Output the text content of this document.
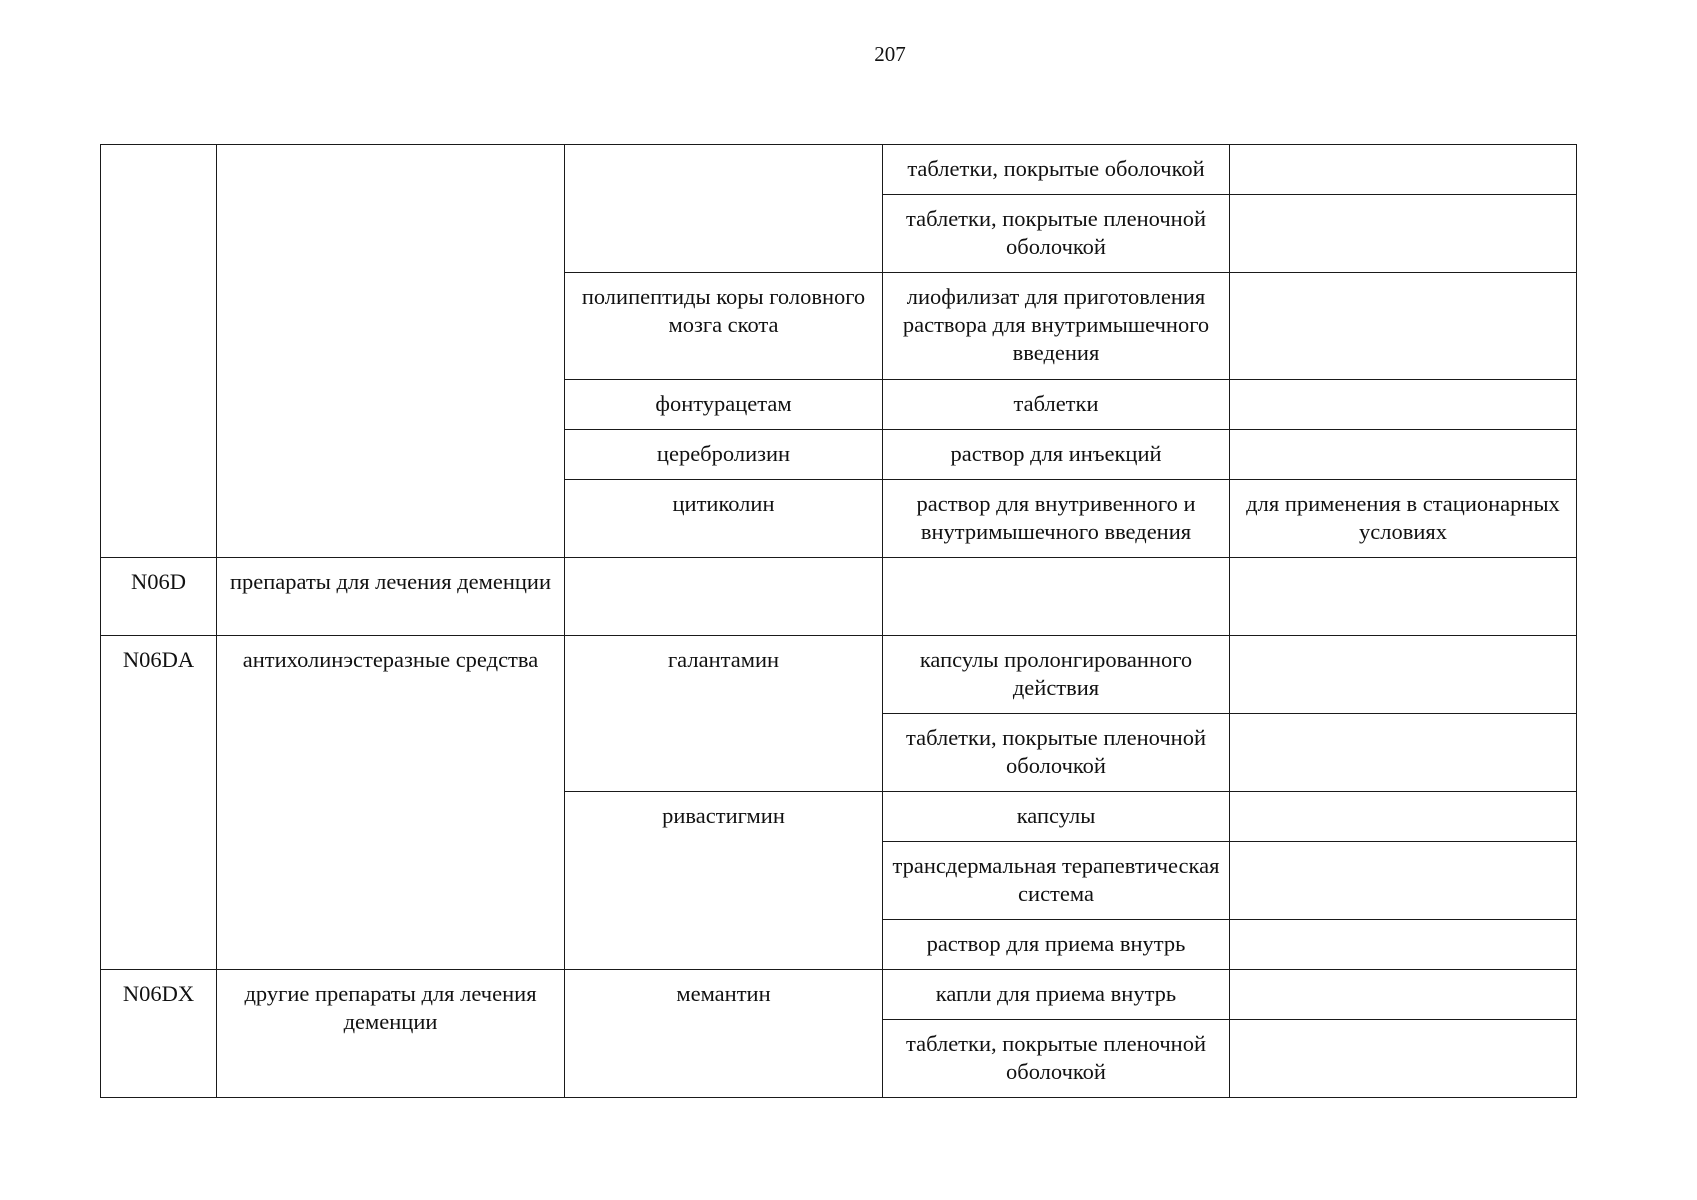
207
			таблетки, покрытые оболочкой	
			таблетки, покрытые пленочной оболочкой	
		полипептиды коры головного мозга скота	лиофилизат для приготовления раствора для внутримышечного введения	
		фонтурацетам	таблетки	
		церебролизин	раствор для инъекций	
		цитиколин	раствор для внутривенного и внутримышечного введения	для применения в стационарных условиях
N06D	препараты для лечения деменции			
N06DA	антихолинэстеразные средства	галантамин	капсулы пролонгированного действия	
			таблетки, покрытые пленочной оболочкой	
		ривастигмин	капсулы	
			трансдермальная терапевтическая система	
			раствор для приема внутрь	
N06DX	другие препараты для лечения деменции	мемантин	капли для приема внутрь	
			таблетки, покрытые пленочной оболочкой	
